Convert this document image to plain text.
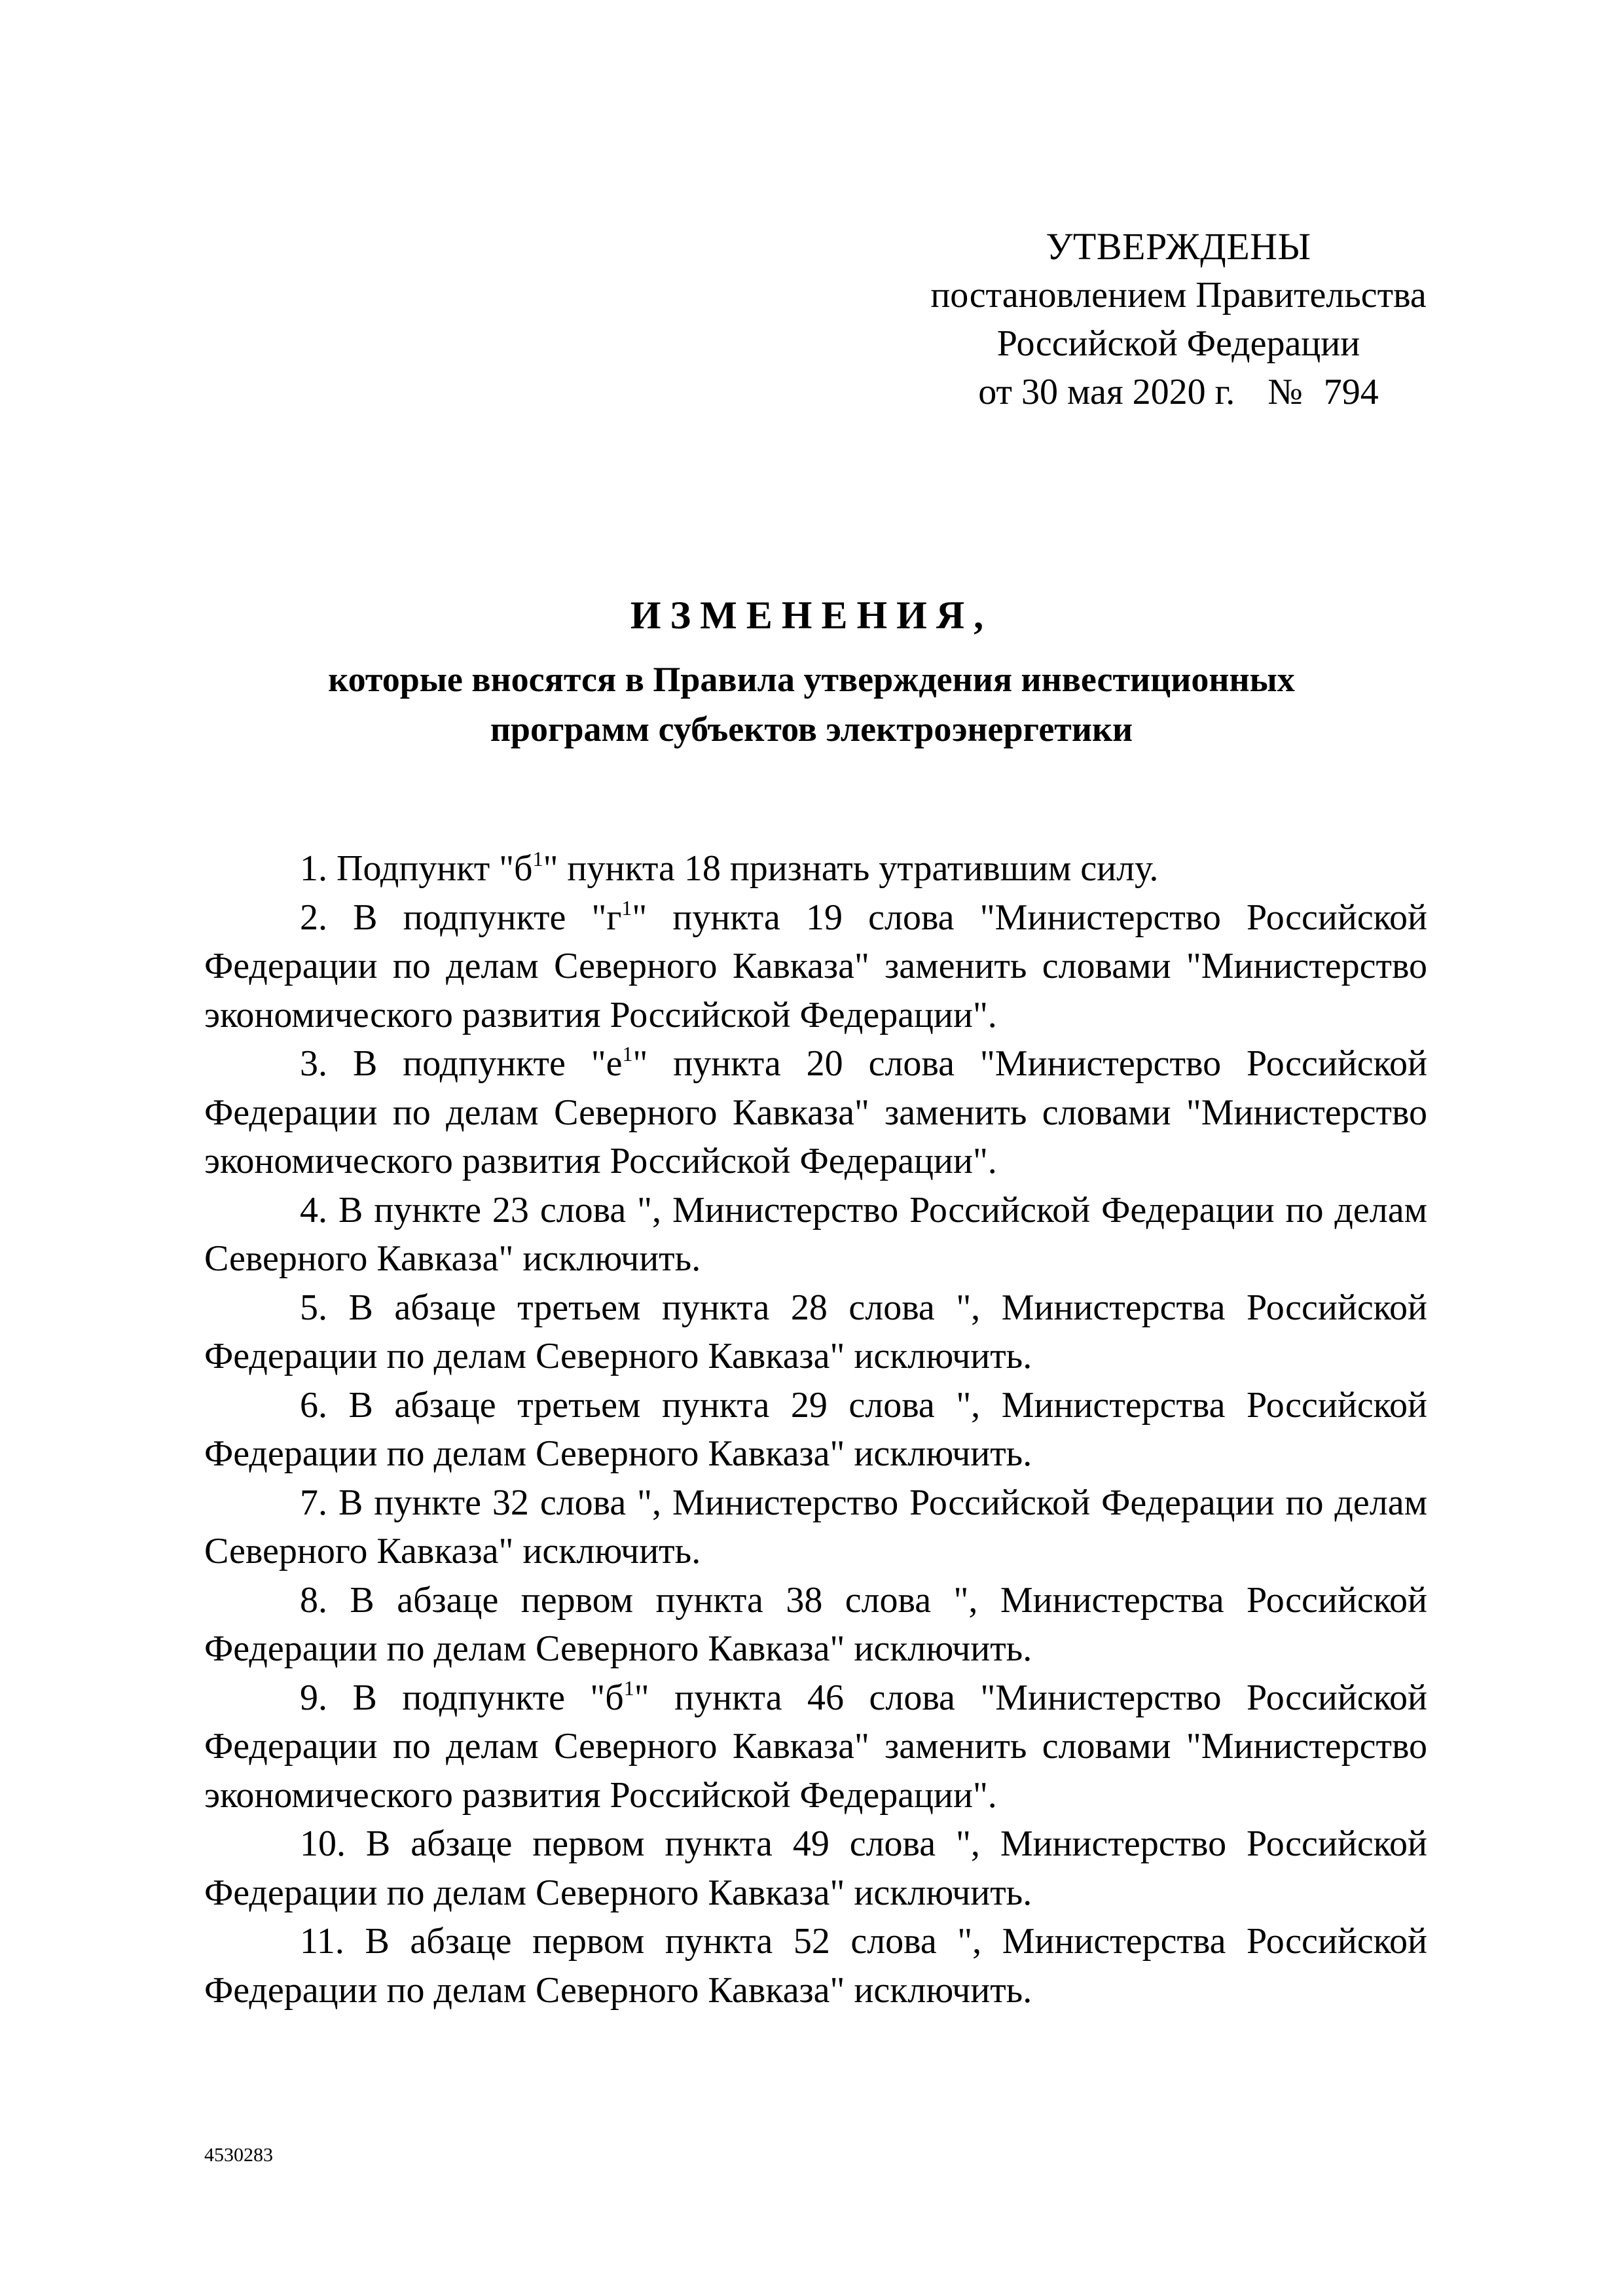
УТВЕРЖДЕНЫ
постановлением Правительства
Российской Федерации
от 30 мая 2020 г. № 794
ИЗМЕНЕНИЯ,
которые вносятся в Правила утверждения инвестиционных
программ субъектов электроэнергетики

1. Подпункт "$б^1$" пункта 18 признать утратившим силу.

2. В подпункте "$г^1$" пункта 19 слова "Министерство Российской Федерации по делам Северного Кавказа" заменить словами "Министерство экономического развития Российской Федерации".

3. В подпункте "$е^1$" пункта 20 слова "Министерство Российской Федерации по делам Северного Кавказа" заменить словами "Министерство экономического развития Российской Федерации".

4. В пункте 23 слова ", Министерство Российской Федерации по делам Северного Кавказа" исключить.

5. В абзаце третьем пункта 28 слова ", Министерства Российской Федерации по делам Северного Кавказа" исключить.

6. В абзаце третьем пункта 29 слова ", Министерства Российской Федерации по делам Северного Кавказа" исключить.

7. В пункте 32 слова ", Министерство Российской Федерации по делам Северного Кавказа" исключить.

8. В абзаце первом пункта 38 слова ", Министерства Российской Федерации по делам Северного Кавказа" исключить.

9. В подпункте "$б^1$" пункта 46 слова "Министерство Российской Федерации по делам Северного Кавказа" заменить словами "Министерство экономического развития Российской Федерации".

10. В абзаце первом пункта 49 слова ", Министерство Российской Федерации по делам Северного Кавказа" исключить.

11. В абзаце первом пункта 52 слова ", Министерства Российской Федерации по делам Северного Кавказа" исключить.

4530283
